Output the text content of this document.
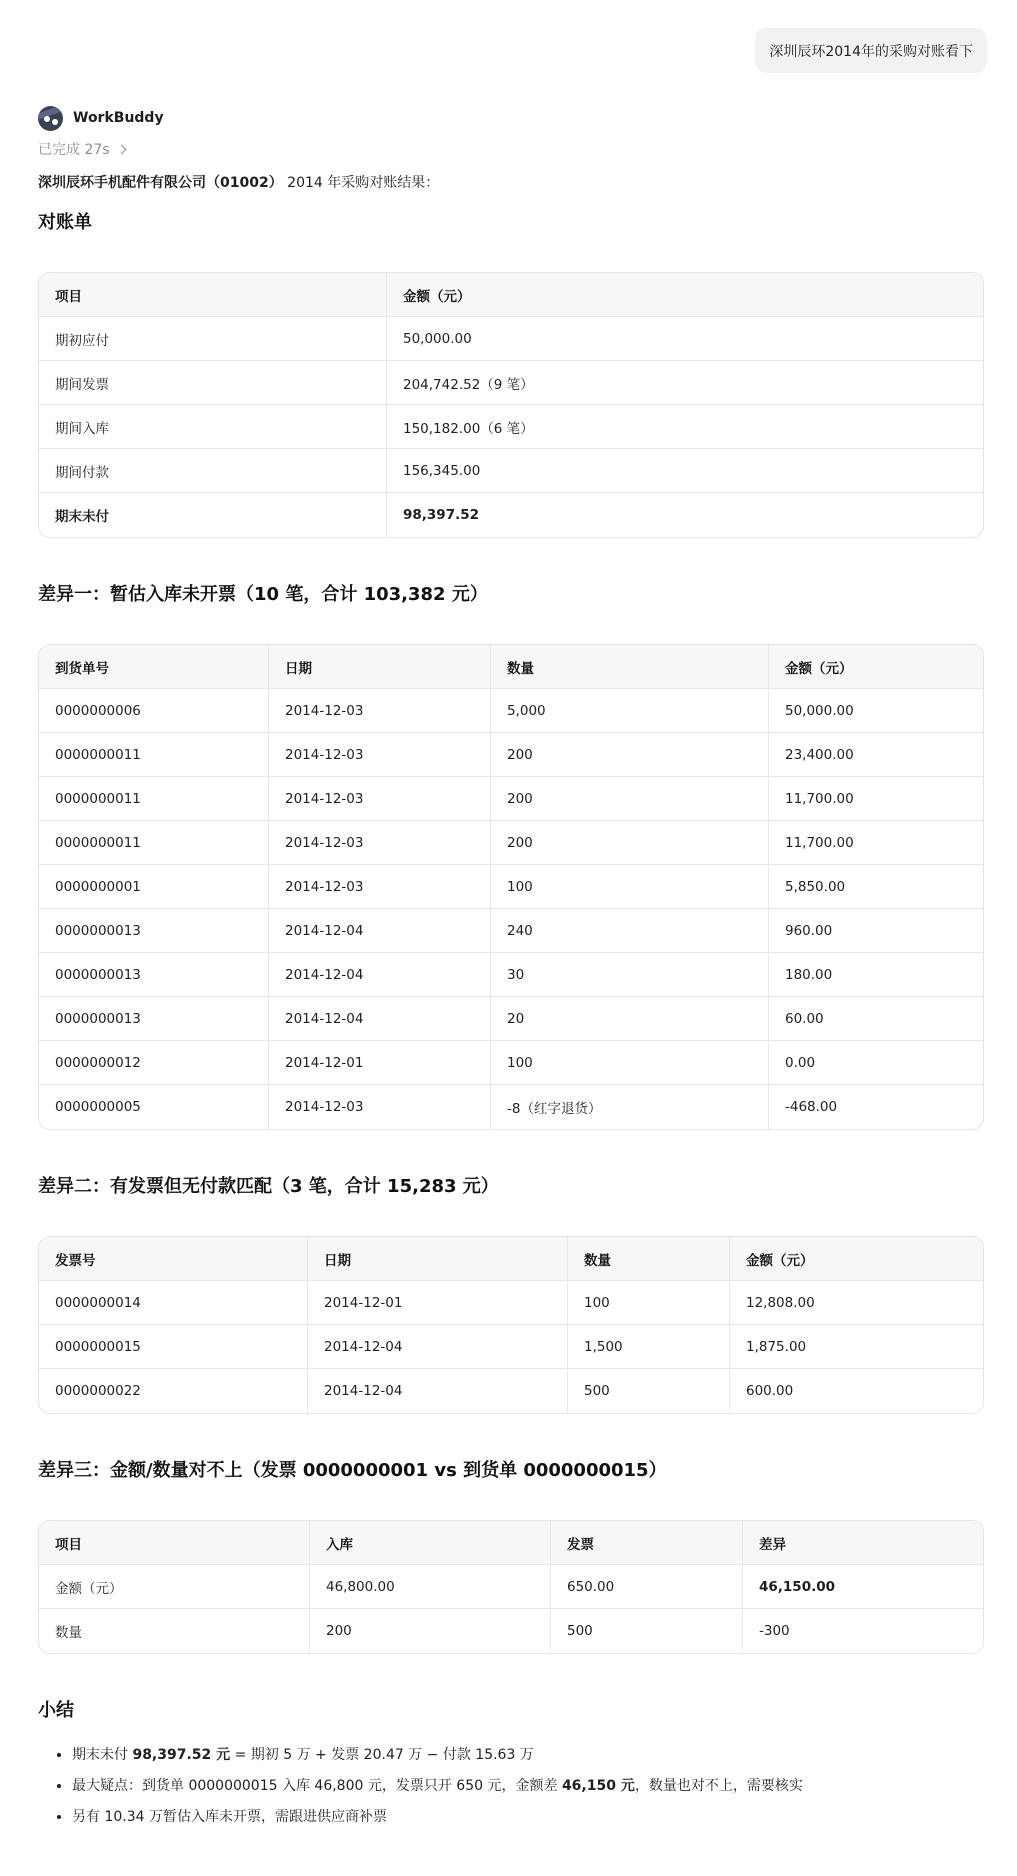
深圳辰环2014年的采购对账看下
WorkBuddy
已完成 27s

深圳辰环手机配件有限公司（01002） 2014 年采购对账结果：

对账单
项目	金额（元）
期初应付	50,000.00
期间发票	204,742.52（9 笔）
期间入库	150,182.00（6 笔）
期间付款	156,345.00
期末未付	98,397.52
差异一：暂估入库未开票（10 笔，合计 103,382 元）
到货单号	日期	数量	金额（元）
0000000006	2014-12-03	5,000	50,000.00
0000000011	2014-12-03	200	23,400.00
0000000011	2014-12-03	200	11,700.00
0000000011	2014-12-03	200	11,700.00
0000000001	2014-12-03	100	5,850.00
0000000013	2014-12-04	240	960.00
0000000013	2014-12-04	30	180.00
0000000013	2014-12-04	20	60.00
0000000012	2014-12-01	100	0.00
0000000005	2014-12-03	-8（红字退货）	-468.00
差异二：有发票但无付款匹配（3 笔，合计 15,283 元）
发票号	日期	数量	金额（元）
0000000014	2014-12-01	100	12,808.00
0000000015	2014-12-04	1,500	1,875.00
0000000022	2014-12-04	500	600.00
差异三：金额/数量对不上（发票 0000000001 vs 到货单 0000000015）
项目	入库	发票	差异
金额（元）	46,800.00	650.00	46,150.00
数量	200	500	-300
小结
• 期末未付 98,397.52 元 = 期初 5 万 + 发票 20.47 万 − 付款 15.63 万
• 最大疑点：到货单 0000000015 入库 46,800 元，发票只开 650 元，金额差 46,150 元，数量也对不上，需要核实
• 另有 10.34 万暂估入库未开票，需跟进供应商补票
